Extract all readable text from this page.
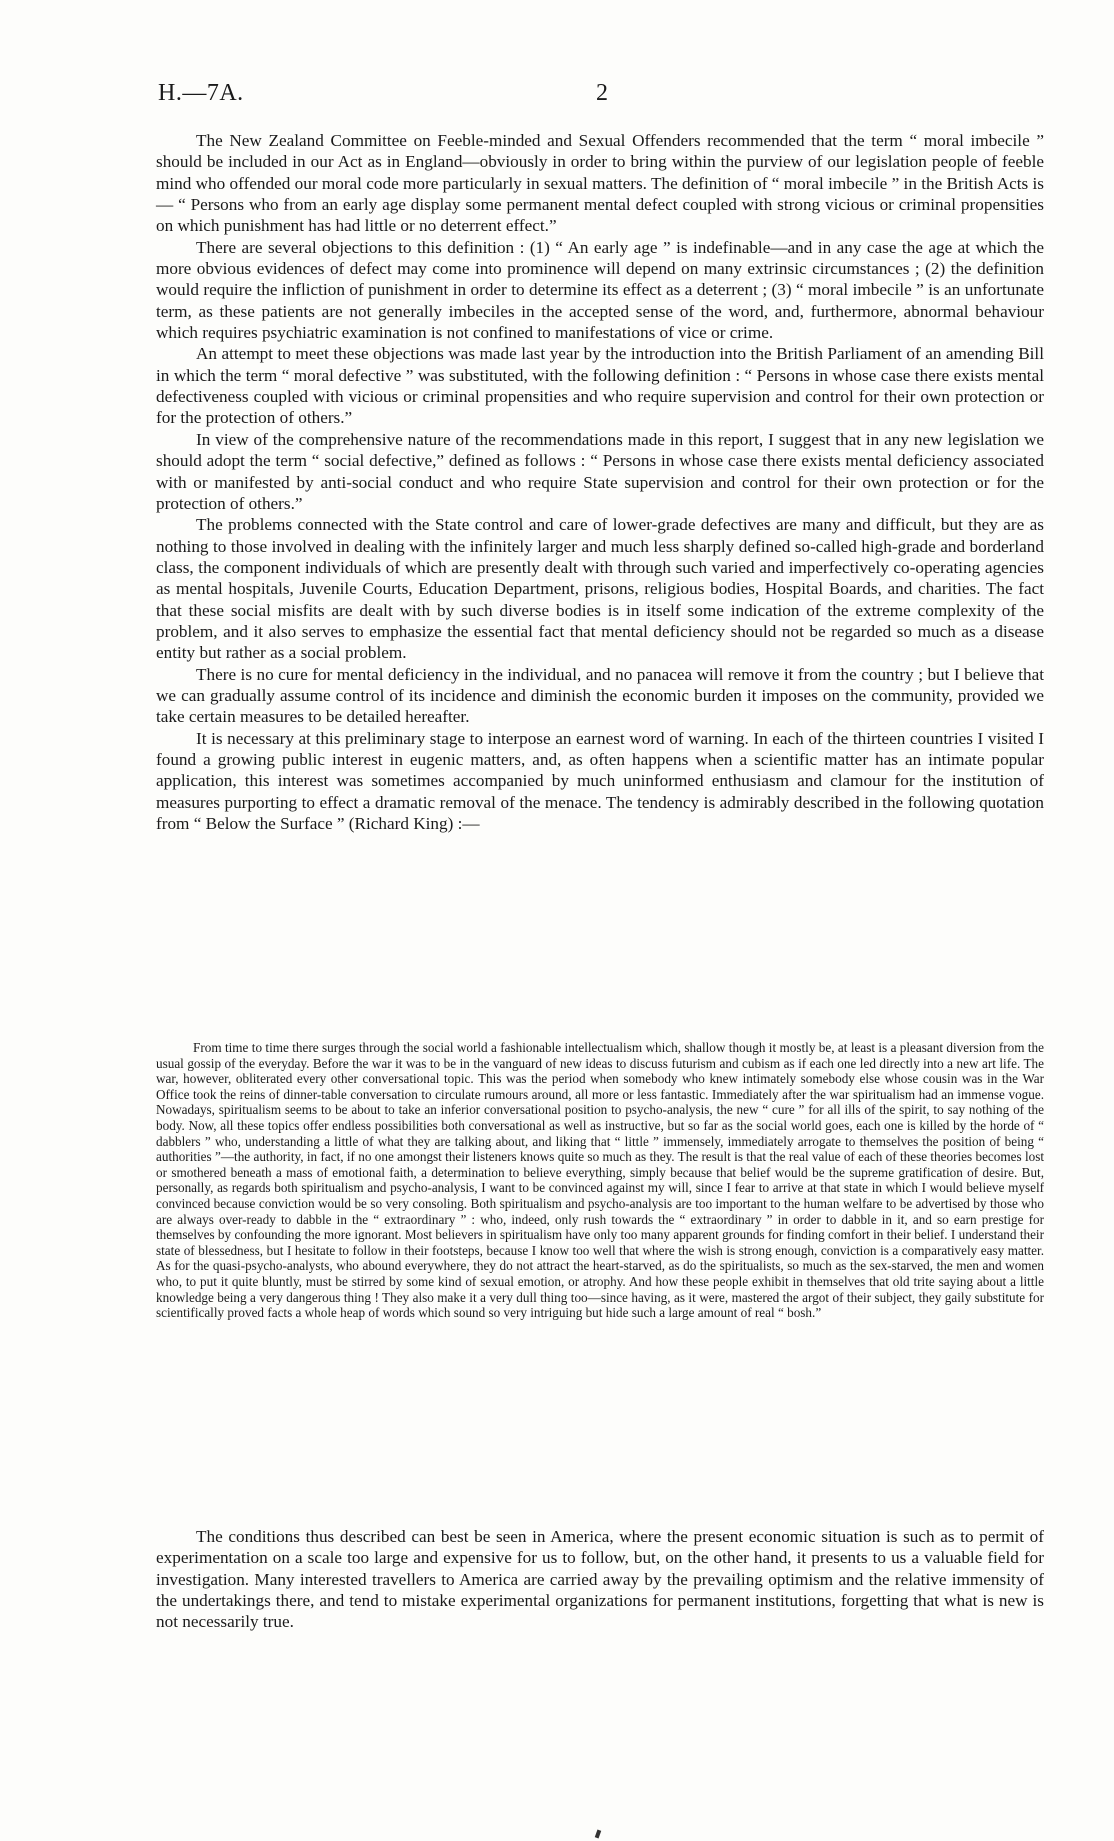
H.—7A.	2

The New Zealand Committee on Feeble-minded and Sexual Offenders recommended that the term “ moral imbecile ” should be included in our Act as in England—obviously in order to bring within the purview of our legislation people of feeble mind who offended our moral code more particularly in sexual matters. The definition of “ moral imbecile ” in the British Acts is— “ Persons who from an early age display some permanent mental defect coupled with strong vicious or criminal propensities on which punishment has had little or no deterrent effect.”

There are several objections to this definition : (1) “ An early age ” is indefinable—and in any case the age at which the more obvious evidences of defect may come into prominence will depend on many extrinsic circumstances ; (2) the definition would require the infliction of punishment in order to determine its effect as a deterrent ; (3) “ moral imbecile ” is an unfortunate term, as these patients are not generally imbeciles in the accepted sense of the word, and, furthermore, abnormal behaviour which requires psychiatric examination is not confined to manifestations of vice or crime.

An attempt to meet these objections was made last year by the introduction into the British Parliament of an amending Bill in which the term “ moral defective ” was substituted, with the following definition : “ Persons in whose case there exists mental defectiveness coupled with vicious or criminal propensities and who require supervision and control for their own protection or for the protection of others.”

In view of the comprehensive nature of the recommendations made in this report, I suggest that in any new legislation we should adopt the term “ social defective,” defined as follows : “ Persons in whose case there exists mental deficiency associated with or manifested by anti-social conduct and who require State supervision and control for their own protection or for the protection of others.”

The problems connected with the State control and care of lower-grade defectives are many and difficult, but they are as nothing to those involved in dealing with the infinitely larger and much less sharply defined so-called high-grade and borderland class, the component individuals of which are presently dealt with through such varied and imperfectively co-operating agencies as mental hospitals, Juvenile Courts, Education Department, prisons, religious bodies, Hospital Boards, and charities. The fact that these social misfits are dealt with by such diverse bodies is in itself some indication of the extreme complexity of the problem, and it also serves to emphasize the essential fact that mental deficiency should not be regarded so much as a disease entity but rather as a social problem.

There is no cure for mental deficiency in the individual, and no panacea will remove it from the country ; but I believe that we can gradually assume control of its incidence and diminish the economic burden it imposes on the community, provided we take certain measures to be detailed hereafter.

It is necessary at this preliminary stage to interpose an earnest word of warning. In each of the thirteen countries I visited I found a growing public interest in eugenic matters, and, as often happens when a scientific matter has an intimate popular application, this interest was sometimes accompanied by much uninformed enthusiasm and clamour for the institution of measures purporting to effect a dramatic removal of the menace. The tendency is admirably described in the following quotation from “ Below the Surface ” (Richard King) :—

From time to time there surges through the social world a fashionable intellectualism which, shallow though it mostly be, at least is a pleasant diversion from the usual gossip of the everyday. Before the war it was to be in the vanguard of new ideas to discuss futurism and cubism as if each one led directly into a new art life. The war, however, obliterated every other conversational topic. This was the period when somebody who knew intimately somebody else whose cousin was in the War Office took the reins of dinner-table conversation to circulate rumours around, all more or less fantastic. Immediately after the war spiritualism had an immense vogue. Nowadays, spiritualism seems to be about to take an inferior conversational position to psycho-analysis, the new “ cure ” for all ills of the spirit, to say nothing of the body. Now, all these topics offer endless possibilities both conversational as well as instructive, but so far as the social world goes, each one is killed by the horde of “ dabblers ” who, understanding a little of what they are talking about, and liking that “ little ” immensely, immediately arrogate to themselves the position of being “ authorities ”—the authority, in fact, if no one amongst their listeners knows quite so much as they. The result is that the real value of each of these theories becomes lost or smothered beneath a mass of emotional faith, a determination to believe everything, simply because that belief would be the supreme gratification of desire. But, personally, as regards both spiritualism and psycho-analysis, I want to be convinced against my will, since I fear to arrive at that state in which I would believe myself convinced because conviction would be so very consoling. Both spiritualism and psycho-analysis are too important to the human welfare to be advertised by those who are always over-ready to dabble in the “ extraordinary ” : who, indeed, only rush towards the “ extraordinary ” in order to dabble in it, and so earn prestige for themselves by confounding the more ignorant. Most believers in spiritualism have only too many apparent grounds for finding comfort in their belief. I understand their state of blessedness, but I hesitate to follow in their footsteps, because I know too well that where the wish is strong enough, conviction is a comparatively easy matter. As for the quasi-psycho-analysts, who abound everywhere, they do not attract the heart-starved, as do the spiritualists, so much as the sex-starved, the men and women who, to put it quite bluntly, must be stirred by some kind of sexual emotion, or atrophy. And how these people exhibit in themselves that old trite saying about a little knowledge being a very dangerous thing ! They also make it a very dull thing too—since having, as it were, mastered the argot of their subject, they gaily substitute for scientifically proved facts a whole heap of words which sound so very intriguing but hide such a large amount of real “ bosh.”

The conditions thus described can best be seen in America, where the present economic situation is such as to permit of experimentation on a scale too large and expensive for us to follow, but, on the other hand, it presents to us a valuable field for investigation. Many interested travellers to America are carried away by the prevailing optimism and the relative immensity of the undertakings there, and tend to mistake experimental organizations for permanent institutions, forgetting that what is new is not necessarily true.
